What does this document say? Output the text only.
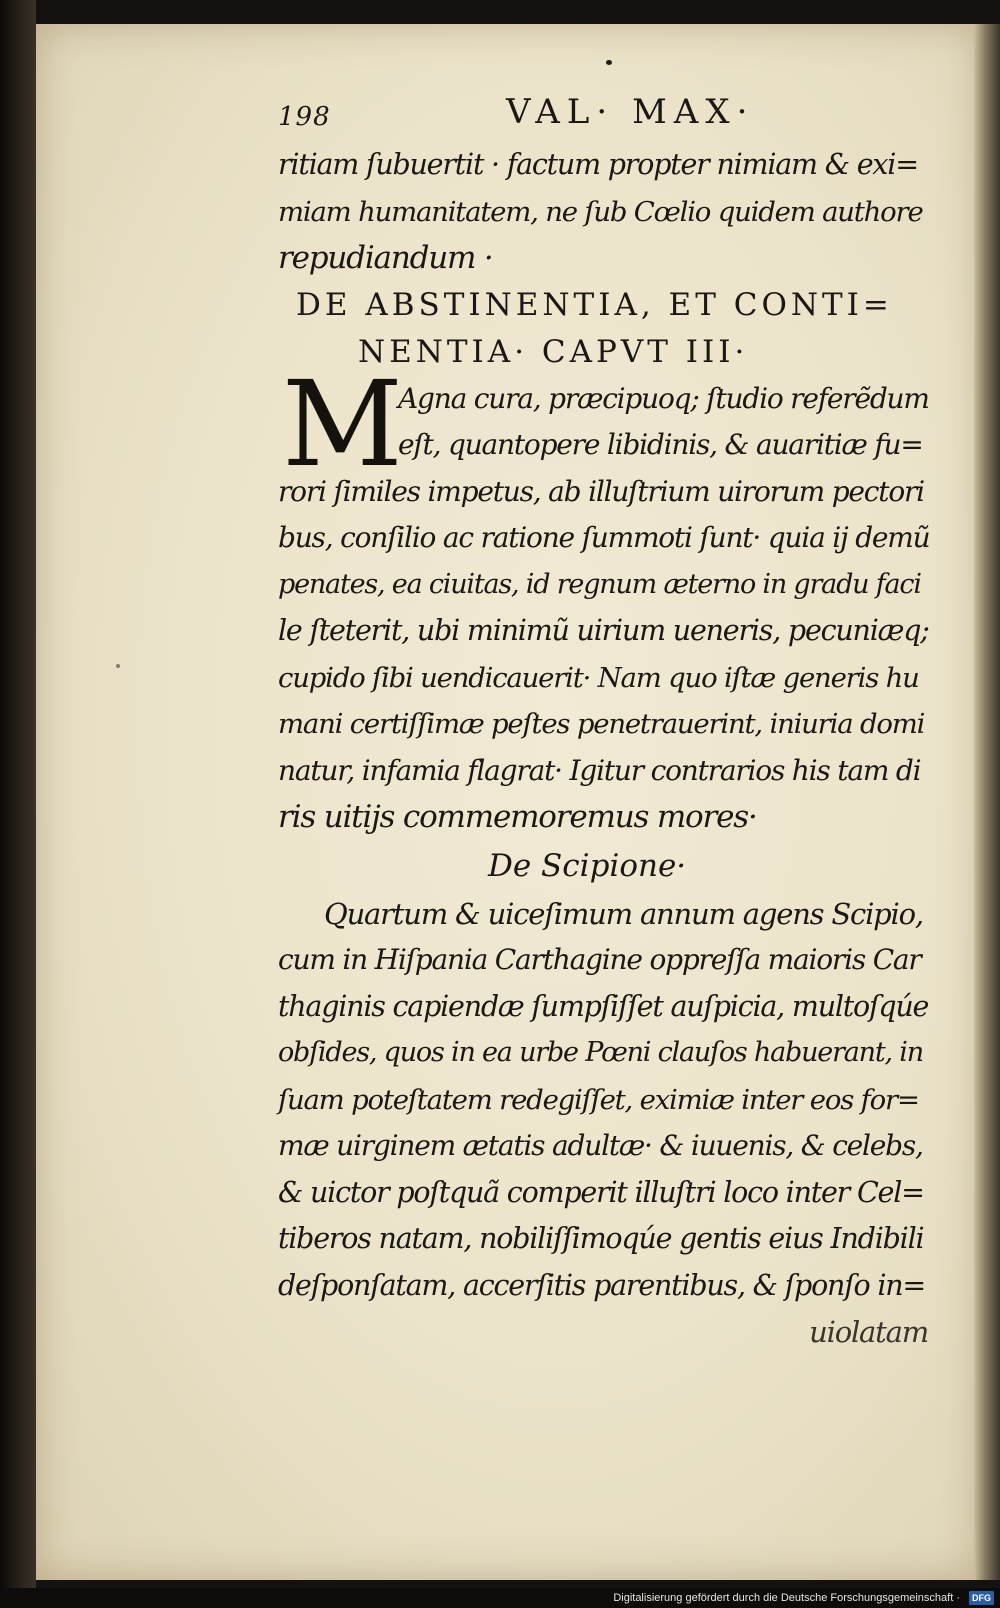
198	VAL· MAX·
ritiam ſubuertit · factum propter nimiam & exi=
miam humanitatem, ne ſub Cœlio quidem authore
repudiandum ·
DE ABSTINENTIA, ET CONTI=
NENTIA· CAPVT III·
M
Agna cura, præcipuoq; ſtudio referẽdum
eſt, quantopere libidinis, & auaritiæ fu=
rori ſimiles impetus, ab illuſtrium uirorum pectori
bus, conſilio ac ratione ſummoti ſunt· quia ij demũ
penates, ea ciuitas, id regnum æterno in gradu faci
le ſteterit, ubi minimũ uirium ueneris, pecuniæq;
cupido ſibi uendicauerit· Nam quo iſtæ generis hu
mani certiſſimæ peſtes penetrauerint, iniuria domi
natur, infamia flagrat· Igitur contrarios his tam di
ris uitijs commemoremus mores·
De Scipione·
Quartum & uiceſimum annum agens Scipio,
cum in Hiſpania Carthagine oppreſſa maioris Car
thaginis capiendæ ſumpſiſſet auſpicia, multoſqúe
obſides, quos in ea urbe Pœni clauſos habuerant, in
ſuam poteſtatem redegiſſet, eximiæ inter eos for=
mæ uirginem ætatis adultæ· & iuuenis, & celebs,
& uictor poſtquã comperit illuſtri loco inter Cel=
tiberos natam, nobiliſſimoqúe gentis eius Indibili
deſponſatam, accerſitis parentibus, & ſponſo in=
uiolatam
Digitalisierung gefördert durch die Deutsche Forschungsgemeinschaft ·	DFG
